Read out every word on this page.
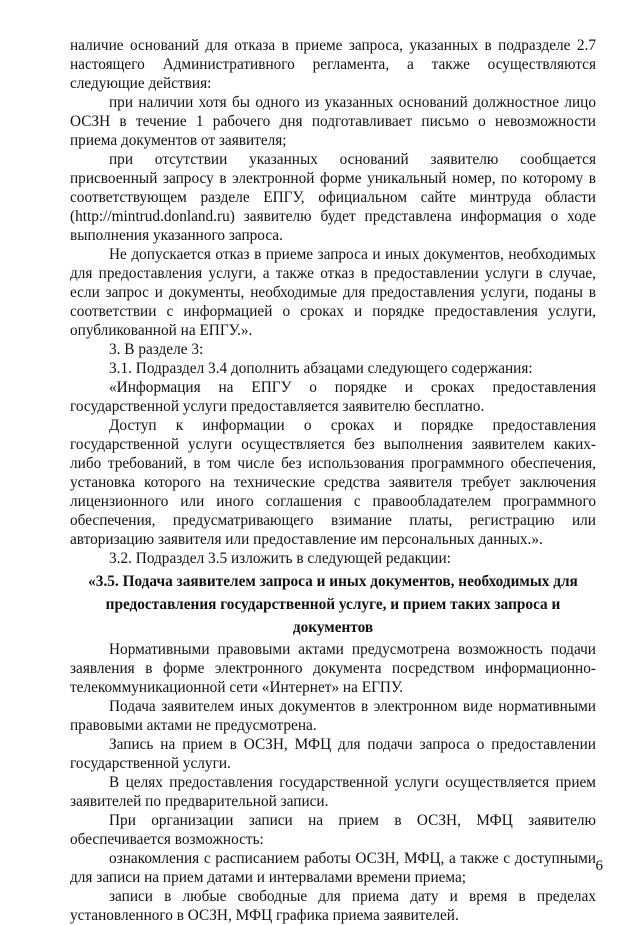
наличие оснований для отказа в приеме запроса, указанных в подразделе 2.7 настоящего Административного регламента, а также осуществляются следующие действия:

при наличии хотя бы одного из указанных оснований должностное лицо ОСЗН в течение 1 рабочего дня подготавливает письмо о невозможности приема документов от заявителя;

при отсутствии указанных оснований заявителю сообщается присвоенный запросу в электронной форме уникальный номер, по которому в соответствующем разделе ЕПГУ, официальном сайте минтруда области (http://mintrud.donland.ru) заявителю будет представлена информация о ходе выполнения указанного запроса.

Не допускается отказ в приеме запроса и иных документов, необходимых для предоставления услуги, а также отказ в предоставлении услуги в случае, если запрос и документы, необходимые для предоставления услуги, поданы в соответствии с информацией о сроках и порядке предоставления услуги, опубликованной на ЕПГУ.».

3. В разделе 3:

3.1. Подраздел 3.4 дополнить абзацами следующего содержания:

«Информация на ЕПГУ о порядке и сроках предоставления государственной услуги предоставляется заявителю бесплатно.

Доступ к информации о сроках и порядке предоставления государственной услуги осуществляется без выполнения заявителем каких-либо требований, в том числе без использования программного обеспечения, установка которого на технические средства заявителя требует заключения лицензионного или иного соглашения с правообладателем программного обеспечения, предусматривающего взимание платы, регистрацию или авторизацию заявителя или предоставление им персональных данных.».

3.2. Подраздел 3.5 изложить в следующей редакции:

«3.5. Подача заявителем запроса и иных документов, необходимых для предоставления государственной услуге, и прием таких запроса и документов

Нормативными правовыми актами предусмотрена возможность подачи заявления в форме электронного документа посредством информационно-телекоммуникационной сети «Интернет» на ЕГПУ.

Подача заявителем иных документов в электронном виде нормативными правовыми актами не предусмотрена.

Запись на прием в ОСЗН, МФЦ для подачи запроса о предоставлении государственной услуги.

В целях предоставления государственной услуги осуществляется прием заявителей по предварительной записи.

При организации записи на прием в ОСЗН, МФЦ заявителю обеспечивается возможность:

ознакомления с расписанием работы ОСЗН, МФЦ, а также с доступными для записи на прием датами и интервалами времени приема;

записи в любые свободные для приема дату и время в пределах установленного в ОСЗН, МФЦ графика приема заявителей.

6
